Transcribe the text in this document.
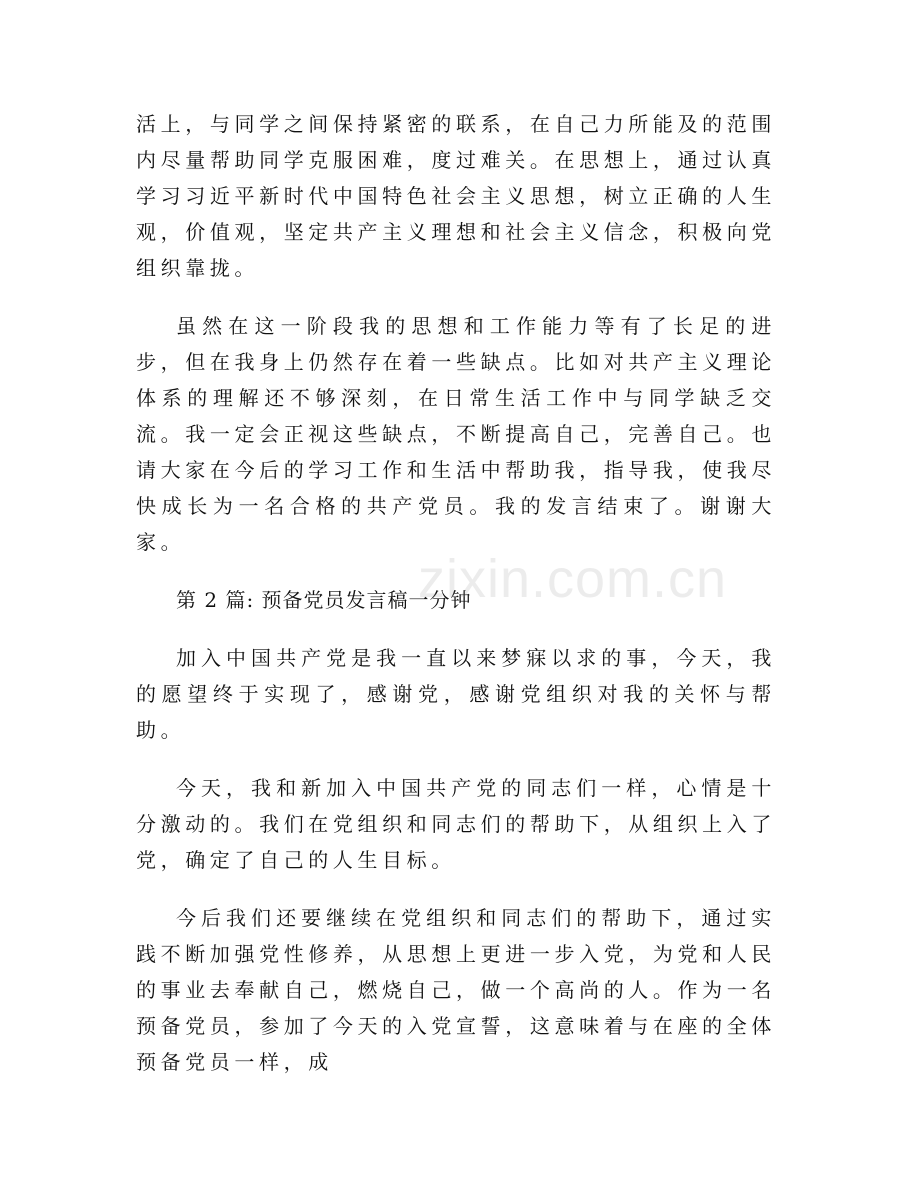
活上，与同学之间保持紧密的联系，在自己力所能及的范围内尽量帮助同学克服困难，度过难关。在思想上，通过认真学习习近平新时代中国特色社会主义思想，树立正确的人生观，价值观，坚定共产主义理想和社会主义信念，积极向党组织靠拢。

虽然在这一阶段我的思想和工作能力等有了长足的进步，但在我身上仍然存在着一些缺点。比如对共产主义理论体系的理解还不够深刻，在日常生活工作中与同学缺乏交流。我一定会正视这些缺点，不断提高自己，完善自己。也请大家在今后的学习工作和生活中帮助我，指导我，使我尽快成长为一名合格的共产党员。我的发言结束了。谢谢大家。

第 2 篇: 预备党员发言稿一分钟

加入中国共产党是我一直以来梦寐以求的事，今天，我的愿望终于实现了，感谢党，感谢党组织对我的关怀与帮助。

今天，我和新加入中国共产党的同志们一样，心情是十分激动的。我们在党组织和同志们的帮助下，从组织上入了党，确定了自己的人生目标。

今后我们还要继续在党组织和同志们的帮助下，通过实践不断加强党性修养，从思想上更进一步入党，为党和人民的事业去奉献自己，燃烧自己，做一个高尚的人。作为一名预备党员，参加了今天的入党宣誓，这意味着与在座的全体预备党员一样，成

zixin.com.cn
